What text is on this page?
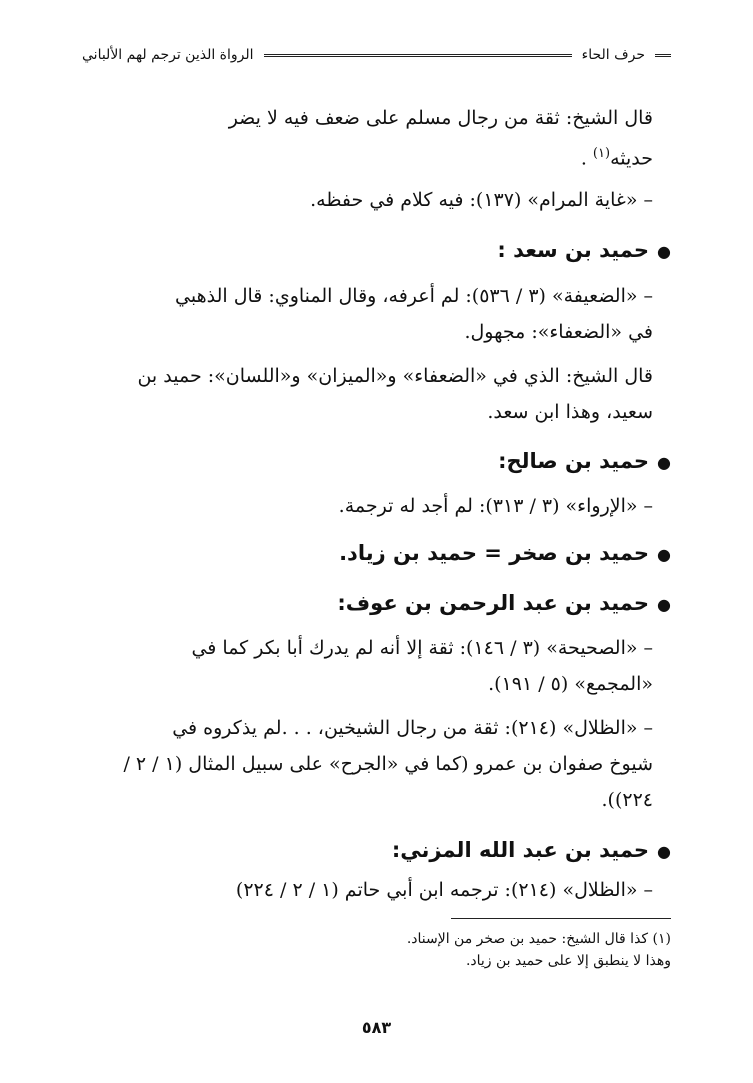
حرف الحاء
الرواة الذين ترجم لهم الألباني
قال الشيخ: ثقة من رجال مسلم على ضعف فيه لا يضر
حديثه$^{(١)}$ .
–«غاية المرام» (١٣٧): فيه كلام في حفظه.
●حميد بن سعد :
–«الضعيفة» (٣ / ٥٣٦): لم أعرفه، وقال المناوي: قال الذهبي
في «الضعفاء»: مجهول.
قال الشيخ: الذي في «الضعفاء» و«الميزان» و«اللسان»: حميد بن
سعيد، وهذا ابن سعد.
●حميد بن صالح:
–«الإرواء» (٣ / ٣١٣): لم أجد له ترجمة.
●حميد بن صخر = حميد بن زياد.
●حميد بن عبد الرحمن بن عوف:
–«الصحيحة» (٣ / ١٤٦): ثقة إلا أنه لم يدرك أبا بكر كما في
«المجمع» (٥ / ١٩١).
–«الظلال» (٢١٤): ثقة من رجال الشيخين، . . .لم يذكروه في
شيوخ صفوان بن عمرو (كما في «الجرح» على سبيل المثال (١ / ٢ /
٢٢٤)).
●حميد بن عبد الله المزني:
–«الظلال» (٢١٤): ترجمه ابن أبي حاتم (١ / ٢ / ٢٢٤)
(١) كذا قال الشيخ: حميد بن صخر من الإسناد.
وهذا لا ينطبق إلا على حميد بن زياد.
٥٨٣
